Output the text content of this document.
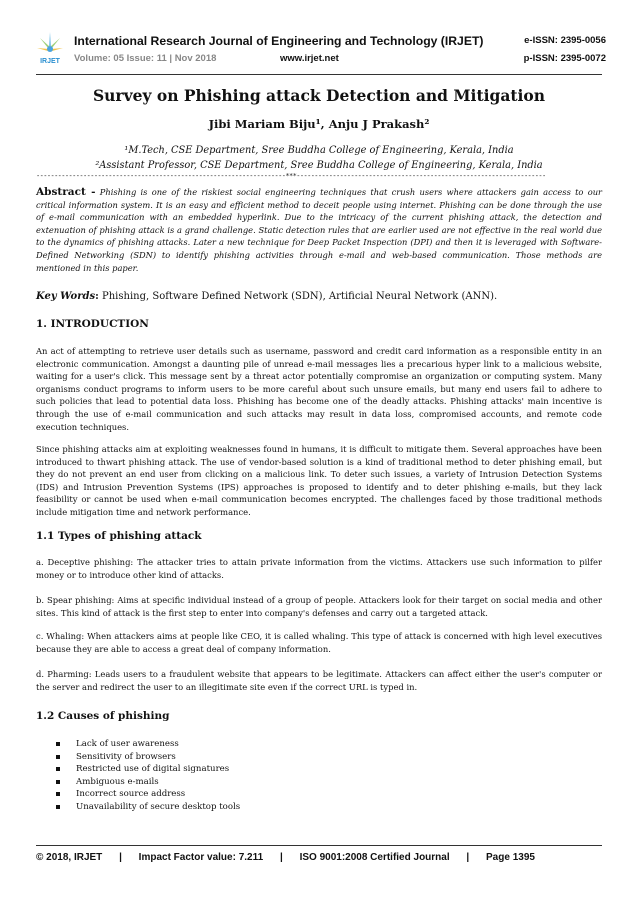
IRJET
International Research Journal of Engineering and Technology (IRJET)
Volume: 05 Issue: 11 | Nov 2018	www.irjet.net
e-ISSN: 2395-0056
p-ISSN: 2395-0072
Survey on Phishing attack Detection and Mitigation
Jibi Mariam Biju¹, Anju J Prakash²
¹M.Tech, CSE Department, Sree Buddha College of Engineering, Kerala, India
²Assistant Professor, CSE Department, Sree Buddha College of Engineering, Kerala, India
---------------------------------------------------------------------***---------------------------------------------------------------------
Abstract - Phishing is one of the riskiest social engineering techniques that crush users where attackers gain access to our critical information system. It is an easy and efficient method to deceit people using internet. Phishing can be done through the use of e-mail communication with an embedded hyperlink. Due to the intricacy of the current phishing attack, the detection and extenuation of phishing attack is a grand challenge. Static detection rules that are earlier used are not effective in the real world due to the dynamics of phishing attacks. Later a new technique for Deep Packet Inspection (DPI) and then it is leveraged with Software-Defined Networking (SDN) to identify phishing activities through e-mail and web-based communication. Those methods are mentioned in this paper.
Key Words: Phishing, Software Defined Network (SDN), Artificial Neural Network (ANN).
1. INTRODUCTION
An act of attempting to retrieve user details such as username, password and credit card information as a responsible entity in an electronic communication. Amongst a daunting pile of unread e-mail messages lies a precarious hyper link to a malicious website, waiting for a user's click. This message sent by a threat actor potentially compromise an organization or computing system. Many organisms conduct programs to inform users to be more careful about such unsure emails, but many end users fail to adhere to such policies that lead to potential data loss. Phishing has become one of the deadly attacks. Phishing attacks' main incentive is through the use of e-mail communication and such attacks may result in data loss, compromised accounts, and remote code execution techniques.
Since phishing attacks aim at exploiting weaknesses found in humans, it is difficult to mitigate them. Several approaches have been introduced to thwart phishing attack. The use of vendor-based solution is a kind of traditional method to deter phishing email, but they do not prevent an end user from clicking on a malicious link. To deter such issues, a variety of Intrusion Detection Systems (IDS) and Intrusion Prevention Systems (IPS) approaches is proposed to identify and to deter phishing e-mails, but they lack feasibility or cannot be used when e-mail communication becomes encrypted. The challenges faced by those traditional methods include mitigation time and network performance.
1.1 Types of phishing attack
a. Deceptive phishing: The attacker tries to attain private information from the victims. Attackers use such information to pilfer money or to introduce other kind of attacks.
b. Spear phishing: Aims at specific individual instead of a group of people. Attackers look for their target on social media and other sites. This kind of attack is the first step to enter into company's defenses and carry out a targeted attack.
c. Whaling: When attackers aims at people like CEO, it is called whaling. This type of attack is concerned with high level executives because they are able to access a great deal of company information.
d. Pharming: Leads users to a fraudulent website that appears to be legitimate. Attackers can affect either the user's computer or the server and redirect the user to an illegitimate site even if the correct URL is typed in.
1.2 Causes of phishing
Lack of user awareness
Sensitivity of browsers
Restricted use of digital signatures
Ambiguous e-mails
Incorrect source address
Unavailability of secure desktop tools
© 2018, IRJET | Impact Factor value: 7.211 | ISO 9001:2008 Certified Journal | Page 1395
